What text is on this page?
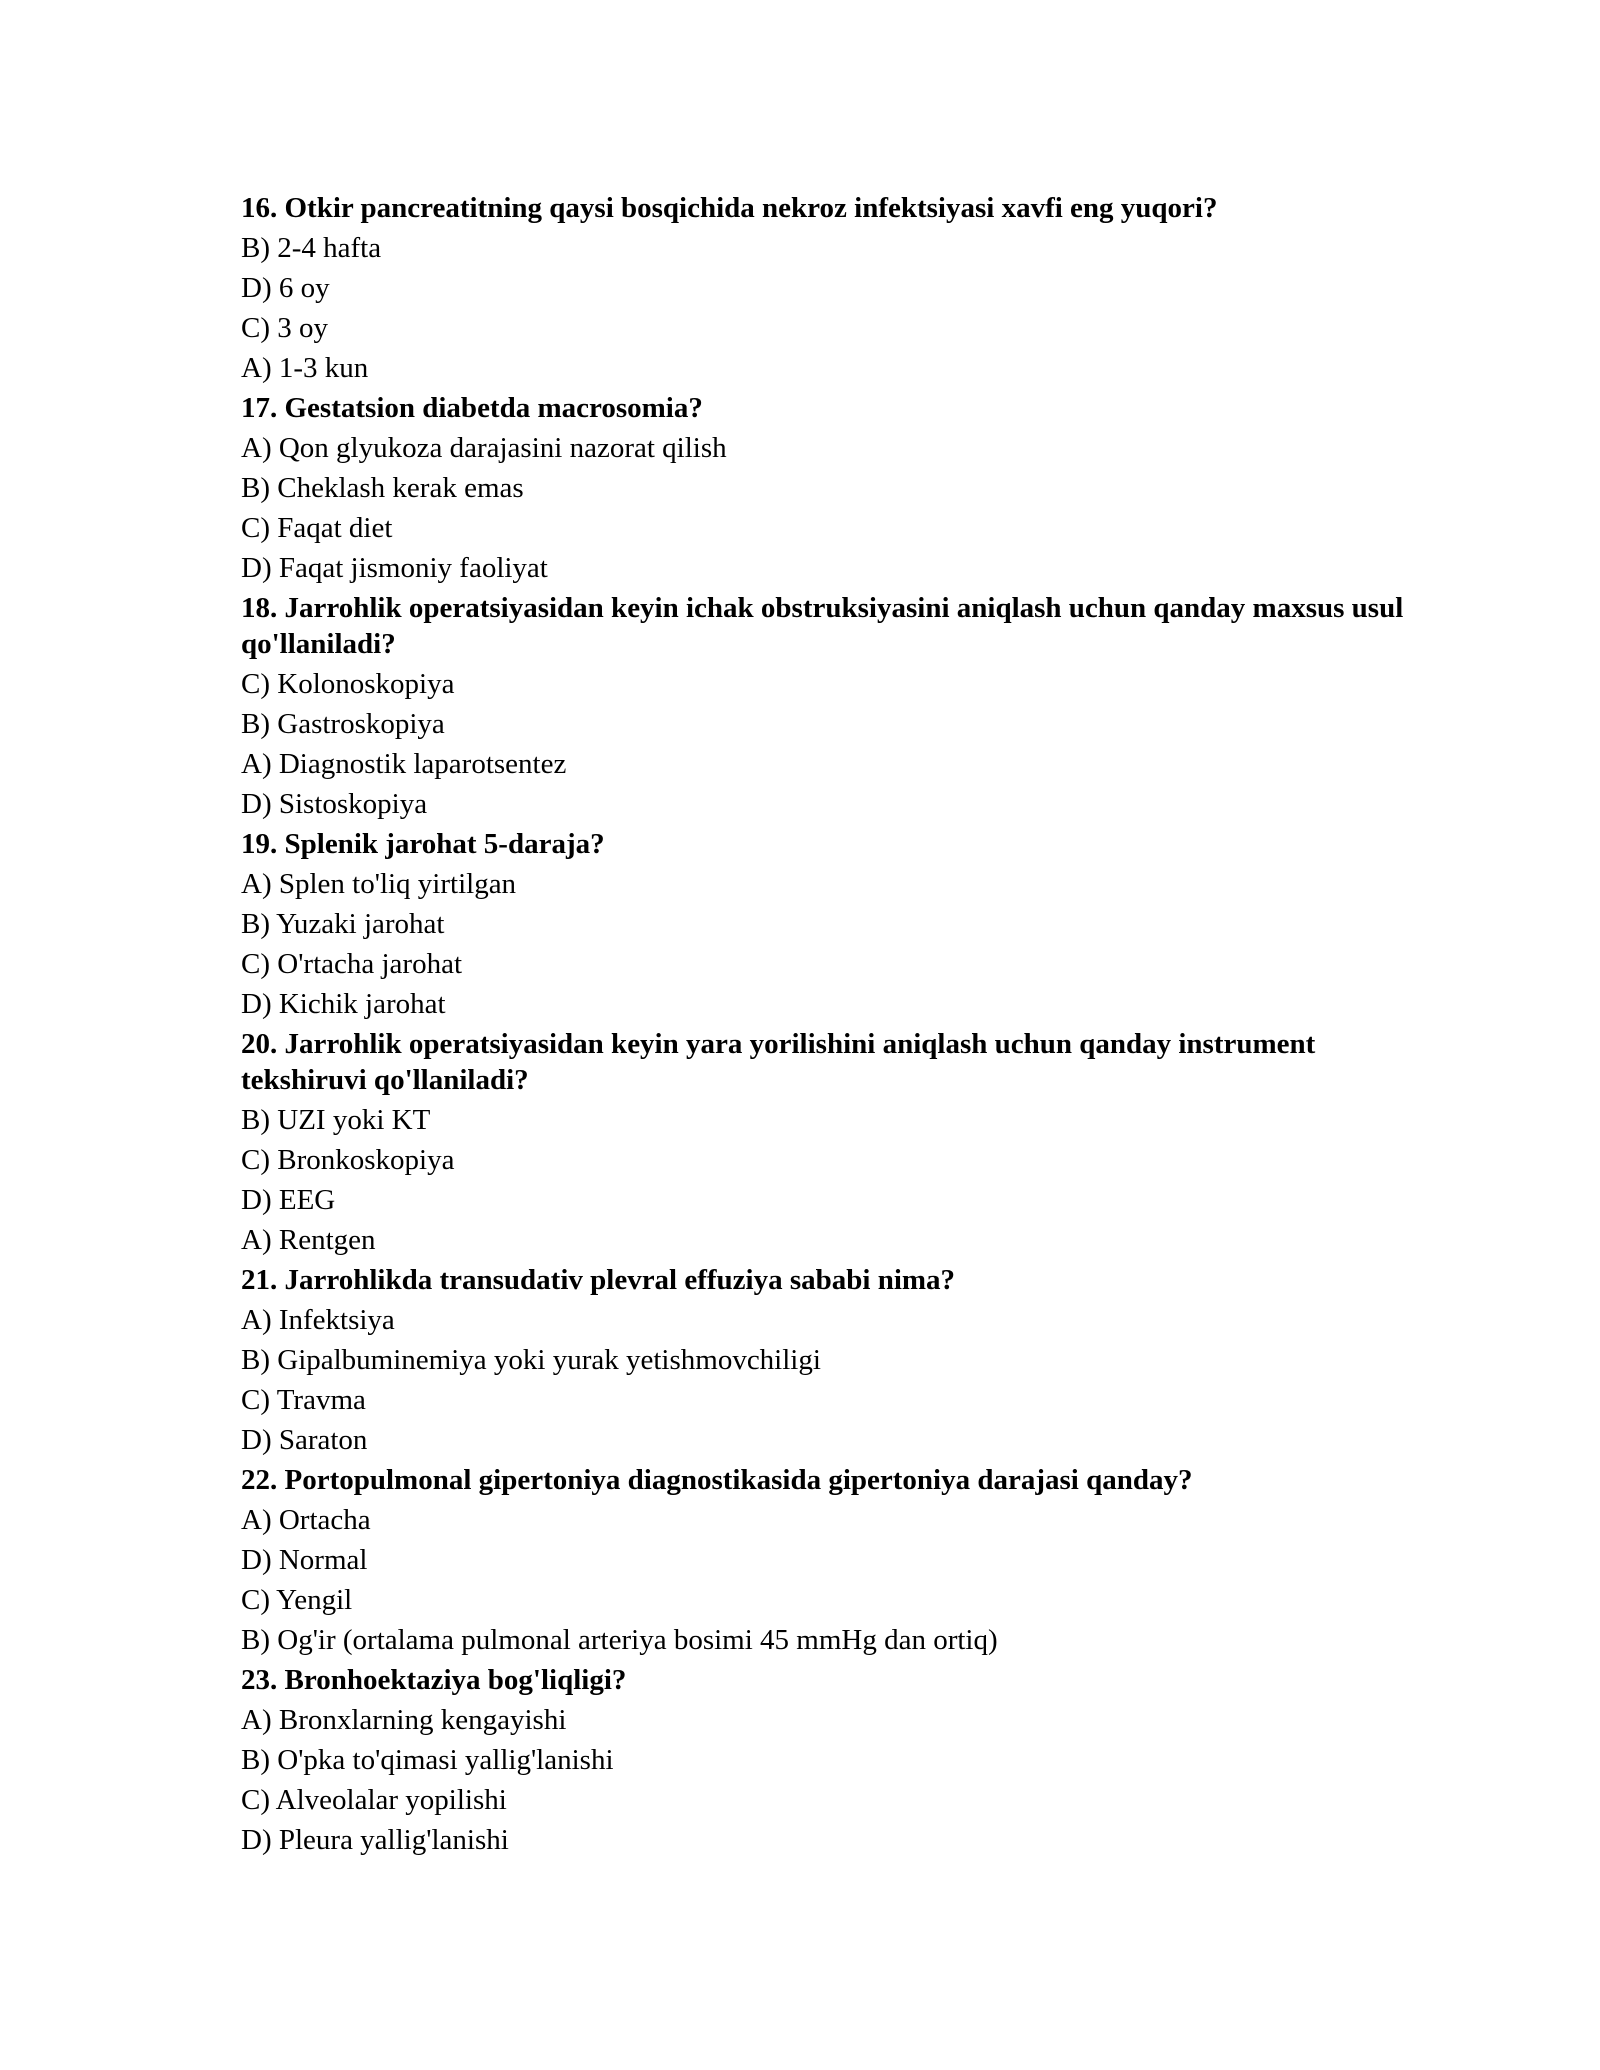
16. Otkir pancreatitning qaysi bosqichida nekroz infektsiyasi xavfi eng yuqori?

B) 2-4 hafta

D) 6 oy

C) 3 oy

A) 1-3 kun

17. Gestatsion diabetda macrosomia?

A) Qon glyukoza darajasini nazorat qilish

B) Cheklash kerak emas

C) Faqat diet

D) Faqat jismoniy faoliyat

18. Jarrohlik operatsiyasidan keyin ichak obstruksiyasini aniqlash uchun qanday maxsus usul qo'llaniladi?

C) Kolonoskopiya

B) Gastroskopiya

A) Diagnostik laparotsentez

D) Sistoskopiya

19. Splenik jarohat 5-daraja?

A) Splen to'liq yirtilgan

B) Yuzaki jarohat

C) O'rtacha jarohat

D) Kichik jarohat

20. Jarrohlik operatsiyasidan keyin yara yorilishini aniqlash uchun qanday instrument tekshiruvi qo'llaniladi?

B) UZI yoki KT

C) Bronkoskopiya

D) EEG

A) Rentgen

21. Jarrohlikda transudativ plevral effuziya sababi nima?

A) Infektsiya

B) Gipalbuminemiya yoki yurak yetishmovchiligi

C) Travma

D) Saraton

22. Portopulmonal gipertoniya diagnostikasida gipertoniya darajasi qanday?

A) Ortacha

D) Normal

C) Yengil

B) Og'ir (ortalama pulmonal arteriya bosimi 45 mmHg dan ortiq)

23. Bronhoektaziya bog'liqligi?

A) Bronxlarning kengayishi

B) O'pka to'qimasi yallig'lanishi

C) Alveolalar yopilishi

D) Pleura yallig'lanishi
